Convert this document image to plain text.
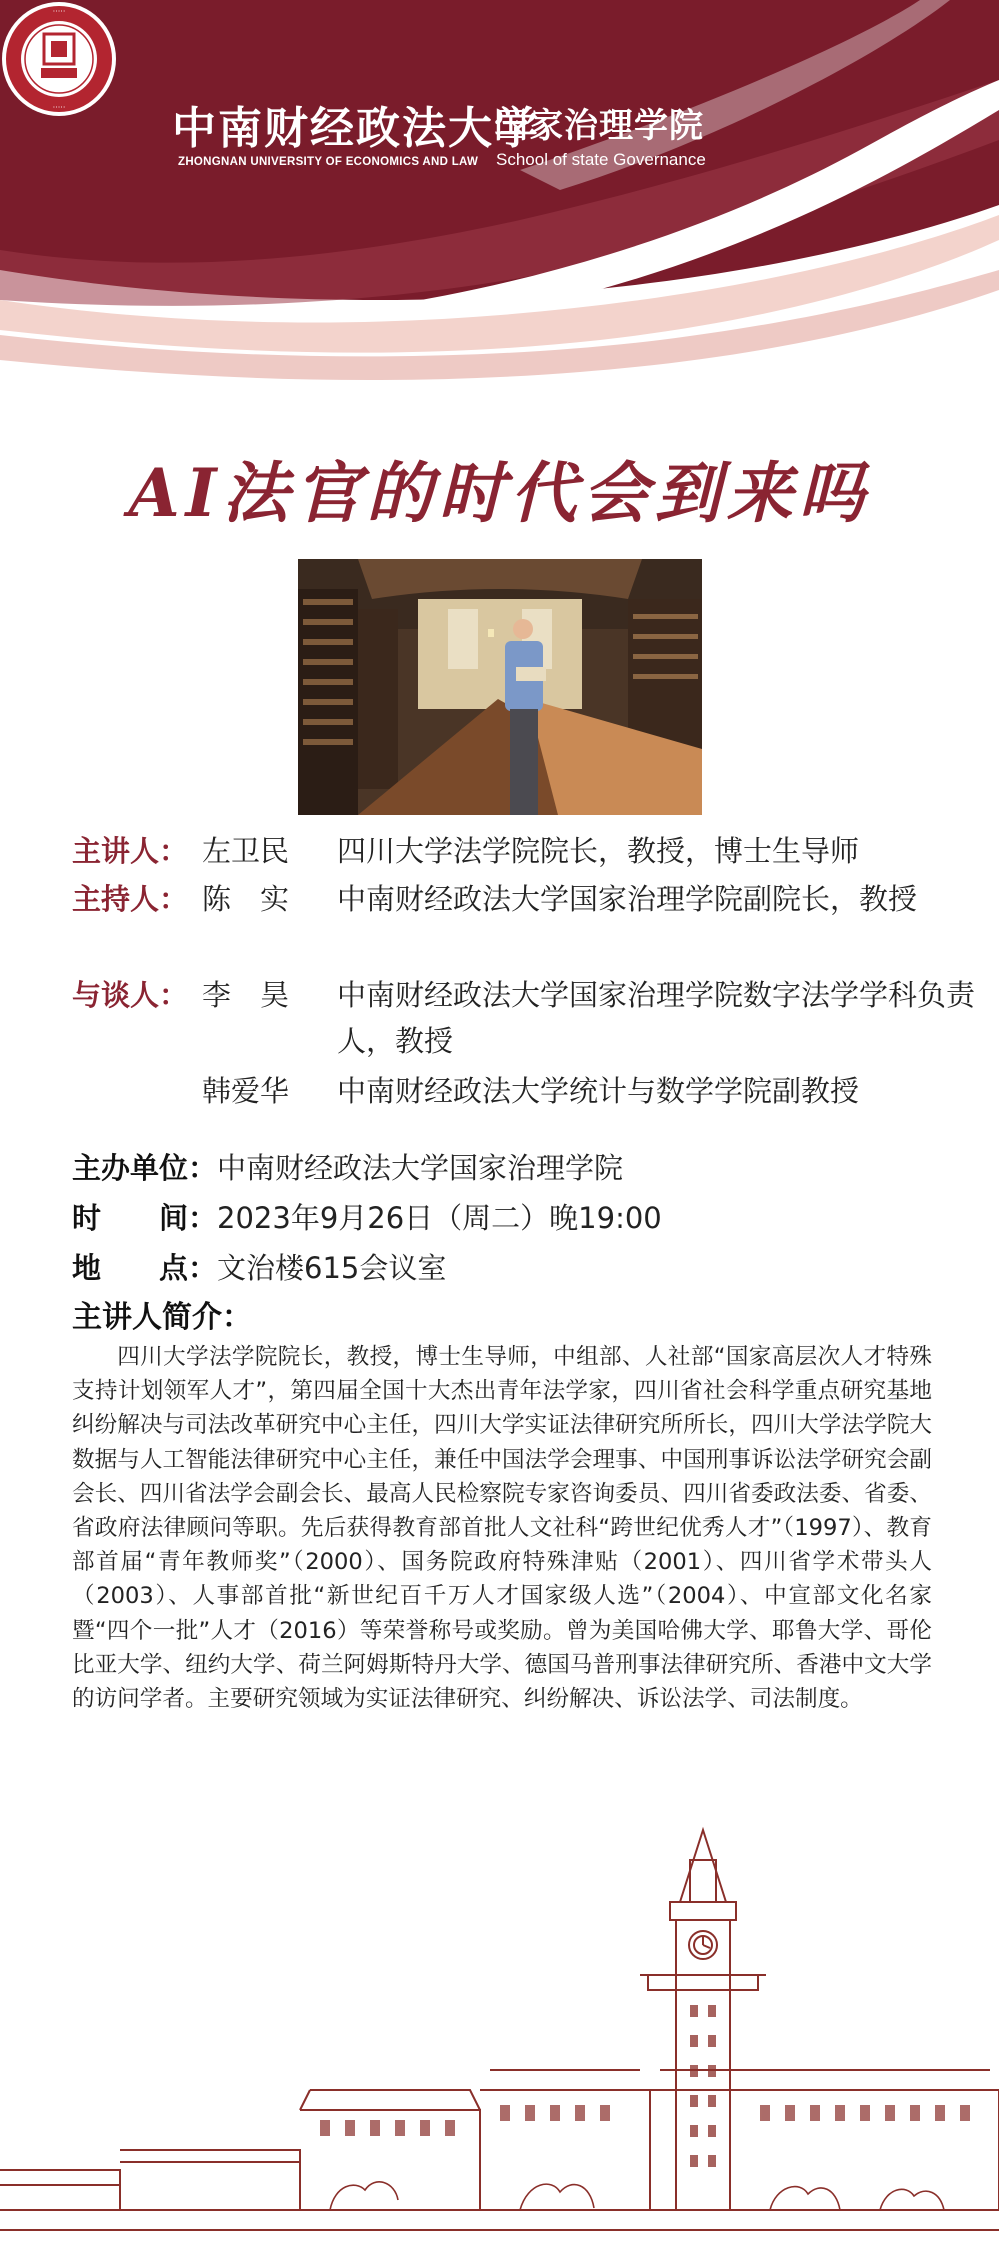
·····
····· 中南财经政法大学
ZHONGNAN UNIVERSITY OF ECONOMICS AND LAW
国家治理学院
School of state Governance
AI法官的时代会到来吗
主讲人： 左卫民 四川大学法学院院长，教授，博士生导师
主持人： 陈　实 中南财经政法大学国家治理学院副院长，教授
与谈人： 李　昊 中南财经政法大学国家治理学院数字法学学科负责人，教授
韩爱华 中南财经政法大学统计与数学学院副教授
主办单位：中南财经政法大学国家治理学院
时　　间：2023年9月26日（周二）晚19:00
地　　点：文治楼615会议室
主讲人简介：
四川大学法学院院长，教授，博士生导师，中组部、人社部“国家高层次人才特殊支持计划领军人才”，第四届全国十大杰出青年法学家，四川省社会科学重点研究基地纠纷解决与司法改革研究中心主任，四川大学实证法律研究所所长，四川大学法学院大数据与人工智能法律研究中心主任，兼任中国法学会理事、中国刑事诉讼法学研究会副会长、四川省法学会副会长、最高人民检察院专家咨询委员、四川省委政法委、省委、省政府法律顾问等职。先后获得教育部首批人文社科“跨世纪优秀人才”（1997）、教育部首届“青年教师奖”（2000）、国务院政府特殊津贴（2001）、四川省学术带头人（2003）、人事部首批“新世纪百千万人才国家级人选”（2004）、中宣部文化名家暨“四个一批”人才（2016）等荣誉称号或奖励。曾为美国哈佛大学、耶鲁大学、哥伦比亚大学、纽约大学、荷兰阿姆斯特丹大学、德国马普刑事法律研究所、香港中文大学的访问学者。主要研究领域为实证法律研究、纠纷解决、诉讼法学、司法制度。
